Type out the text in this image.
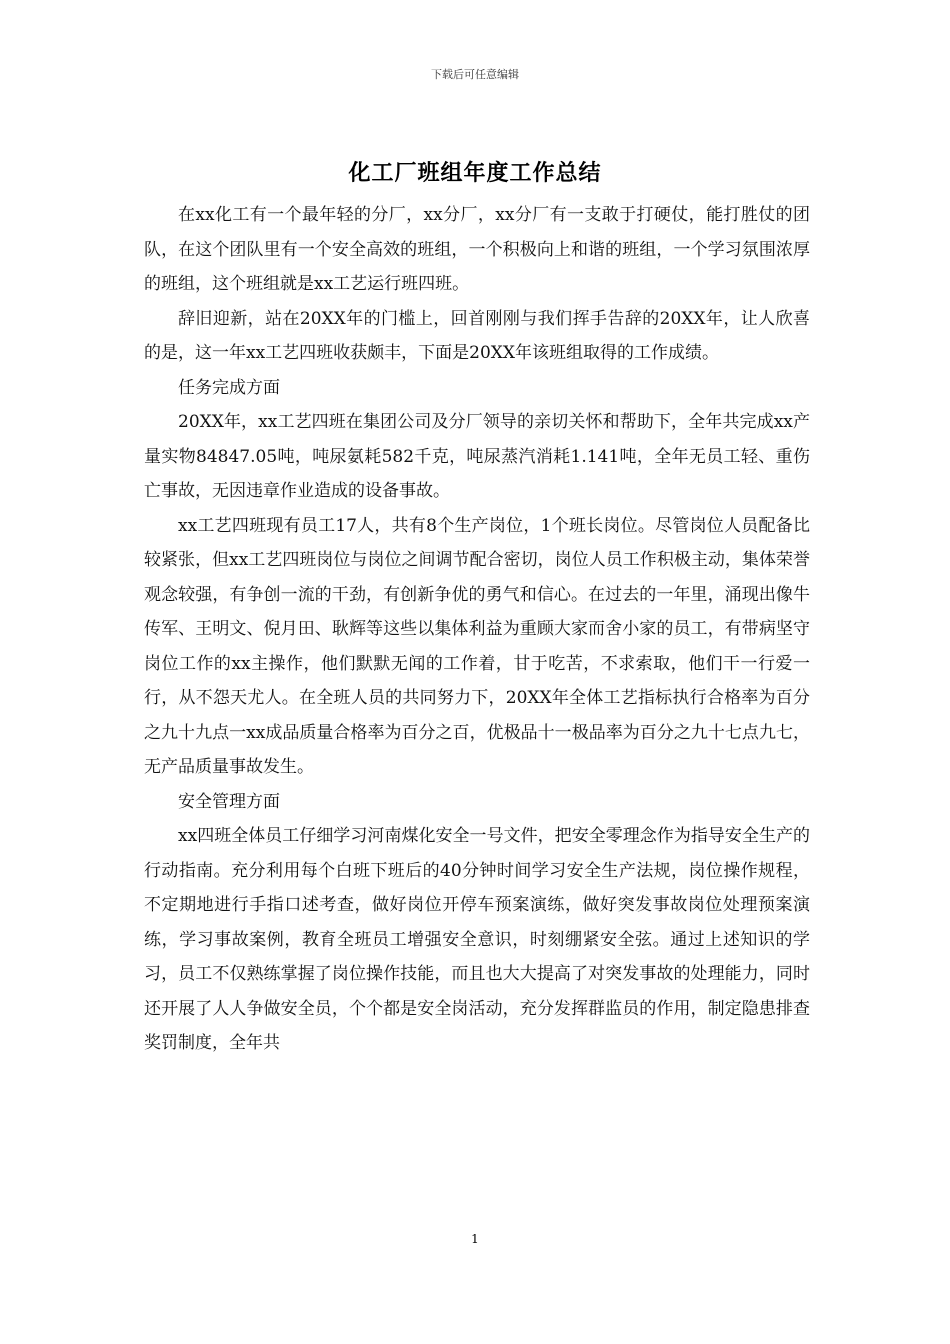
下载后可任意编辑
化工厂班组年度工作总结

在xx化工有一个最年轻的分厂，xx分厂，xx分厂有一支敢于打硬仗，能打胜仗的团队，在这个团队里有一个安全高效的班组，一个积极向上和谐的班组，一个学习氛围浓厚的班组，这个班组就是xx工艺运行班四班。

辞旧迎新，站在20XX年的门槛上，回首刚刚与我们挥手告辞的20XX年，让人欣喜的是，这一年xx工艺四班收获颇丰，下面是20XX年该班组取得的工作成绩。

任务完成方面

20XX年，xx工艺四班在集团公司及分厂领导的亲切关怀和帮助下，全年共完成xx产量实物84847.05吨，吨尿氨耗582千克，吨尿蒸汽消耗1.141吨，全年无员工轻、重伤亡事故，无因违章作业造成的设备事故。

xx工艺四班现有员工17人，共有8个生产岗位，1个班长岗位。尽管岗位人员配备比较紧张，但xx工艺四班岗位与岗位之间调节配合密切，岗位人员工作积极主动，集体荣誉观念较强，有争创一流的干劲，有创新争优的勇气和信心。在过去的一年里，涌现出像牛传军、王明文、倪月田、耿辉等这些以集体利益为重顾大家而舍小家的员工，有带病坚守岗位工作的xx主操作，他们默默无闻的工作着，甘于吃苦，不求索取，他们干一行爱一行，从不怨天尤人。在全班人员的共同努力下，20XX年全体工艺指标执行合格率为百分之九十九点一xx成品质量合格率为百分之百，优极品十一极品率为百分之九十七点九七，无产品质量事故发生。

安全管理方面

xx四班全体员工仔细学习河南煤化安全一号文件，把安全零理念作为指导安全生产的行动指南。充分利用每个白班下班后的40分钟时间学习安全生产法规，岗位操作规程，不定期地进行手指口述考查，做好岗位开停车预案演练，做好突发事故岗位处理预案演练，学习事故案例，教育全班员工增强安全意识，时刻绷紧安全弦。通过上述知识的学习，员工不仅熟练掌握了岗位操作技能，而且也大大提高了对突发事故的处理能力，同时还开展了人人争做安全员，个个都是安全岗活动，充分发挥群监员的作用，制定隐患排查奖罚制度，全年共

1
